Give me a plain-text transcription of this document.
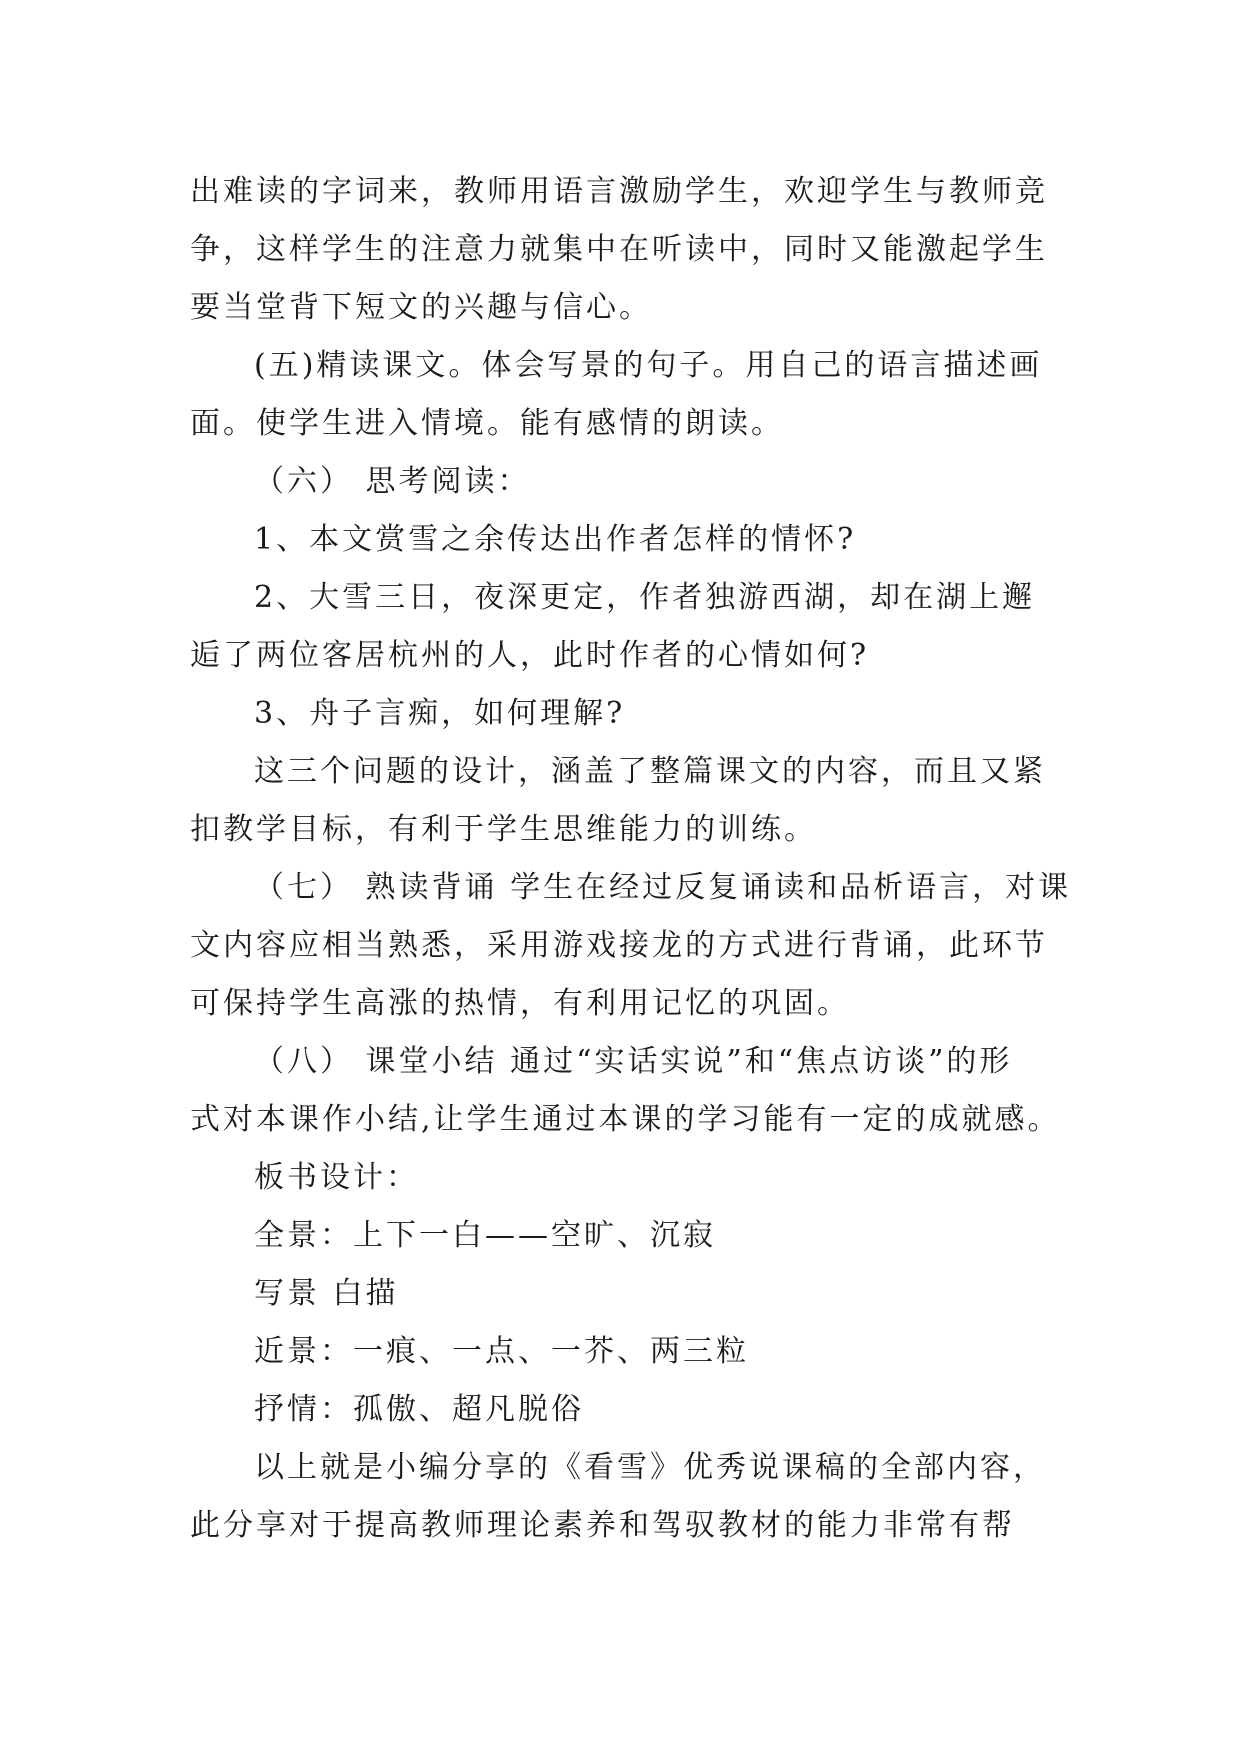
出难读的字词来，教师用语言激励学生，欢迎学生与教师竞
争，这样学生的注意力就集中在听读中，同时又能激起学生
要当堂背下短文的兴趣与信心。
(五)精读课文。体会写景的句子。用自己的语言描述画
面。使学生进入情境。能有感情的朗读。
（六） 思考阅读：
1、本文赏雪之余传达出作者怎样的情怀?
2、大雪三日，夜深更定，作者独游西湖，却在湖上邂
逅了两位客居杭州的人，此时作者的心情如何?
3、舟子言痴，如何理解?
这三个问题的设计，涵盖了整篇课文的内容，而且又紧
扣教学目标，有利于学生思维能力的训练。
（七） 熟读背诵 学生在经过反复诵读和品析语言，对课
文内容应相当熟悉，采用游戏接龙的方式进行背诵，此环节
可保持学生高涨的热情，有利用记忆的巩固。
（八） 课堂小结 通过“实话实说”和“焦点访谈”的形
式对本课作小结,让学生通过本课的学习能有一定的成就感。
板书设计：
全景：上下一白——空旷、沉寂
写景 白描
近景：一痕、一点、一芥、两三粒
抒情：孤傲、超凡脱俗
以上就是小编分享的《看雪》优秀说课稿的全部内容，
此分享对于提高教师理论素养和驾驭教材的能力非常有帮
